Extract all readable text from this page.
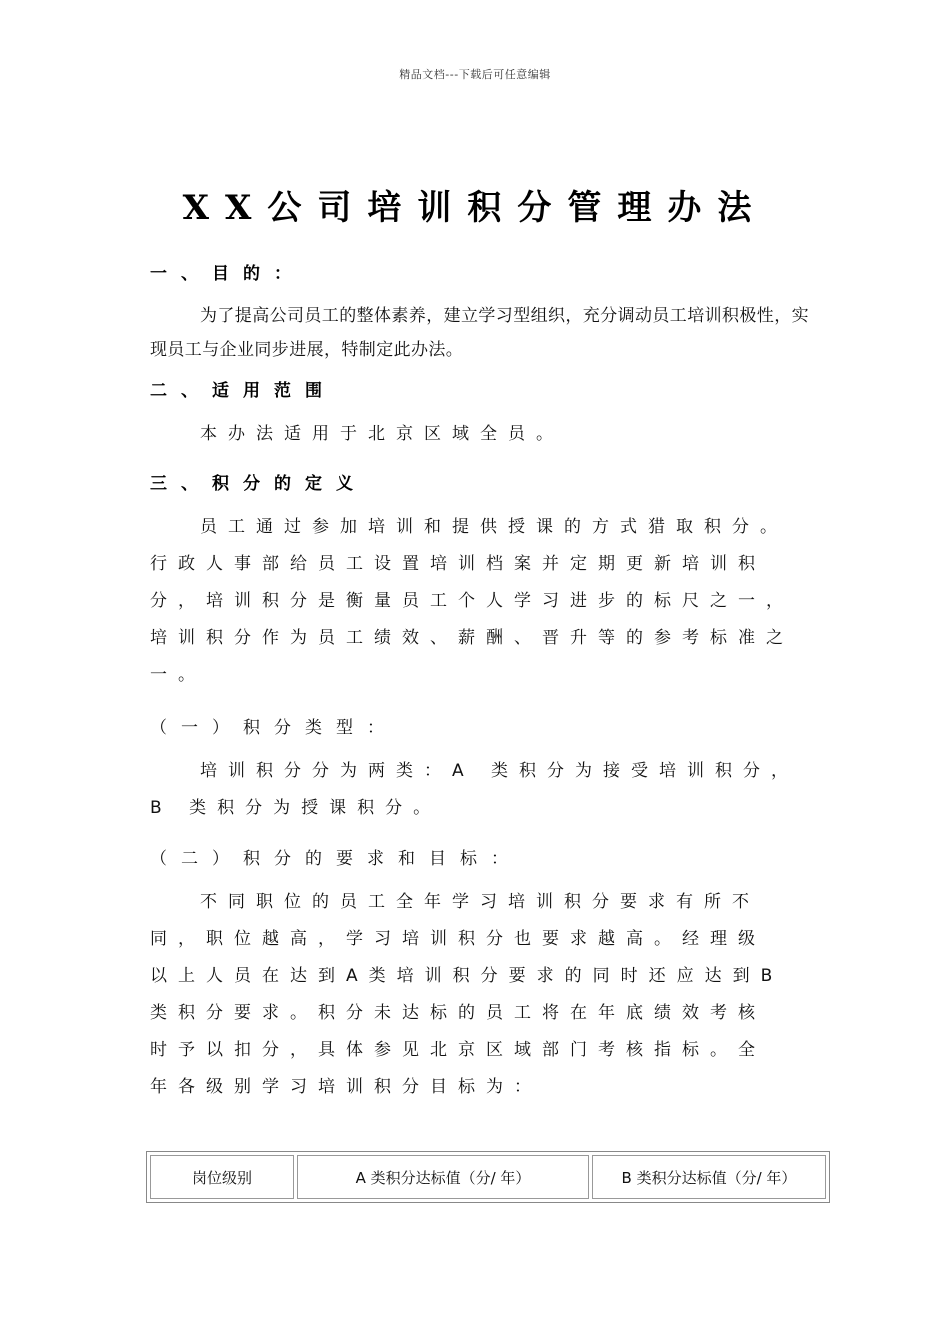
精品文档---下载后可任意编辑
XX公司培训积分管理办法
一、目的：
为了提高公司员工的整体素养，建立学习型组织，充分调动员工培训积极性，实现员工与企业同步进展，特制定此办法。
二、适用范围
本办法适用于北京区域全员。
三、积分的定义
员工通过参加培训和提供授课的方式猎取积分。行政人事部给员工设置培训档案并定期更新培训积分，培训积分是衡量员工个人学习进步的标尺之一，培训积分作为员工绩效、薪酬、晋升等的参考标准之一。
（一）积分类型：
培训积分分为两类：A 类积分为接受培训积分，B 类积分为授课积分。
（二）积分的要求和目标：
不同职位的员工全年学习培训积分要求有所不同，职位越高，学习培训积分也要求越高。经理级以上人员在达到A类培训积分要求的同时还应达到B类积分要求。积分未达标的员工将在年底绩效考核时予以扣分，具体参见北京区域部门考核指标。全年各级别学习培训积分目标为：
岗位级别	A 类积分达标值（分/ 年）	B 类积分达标值（分/ 年）
